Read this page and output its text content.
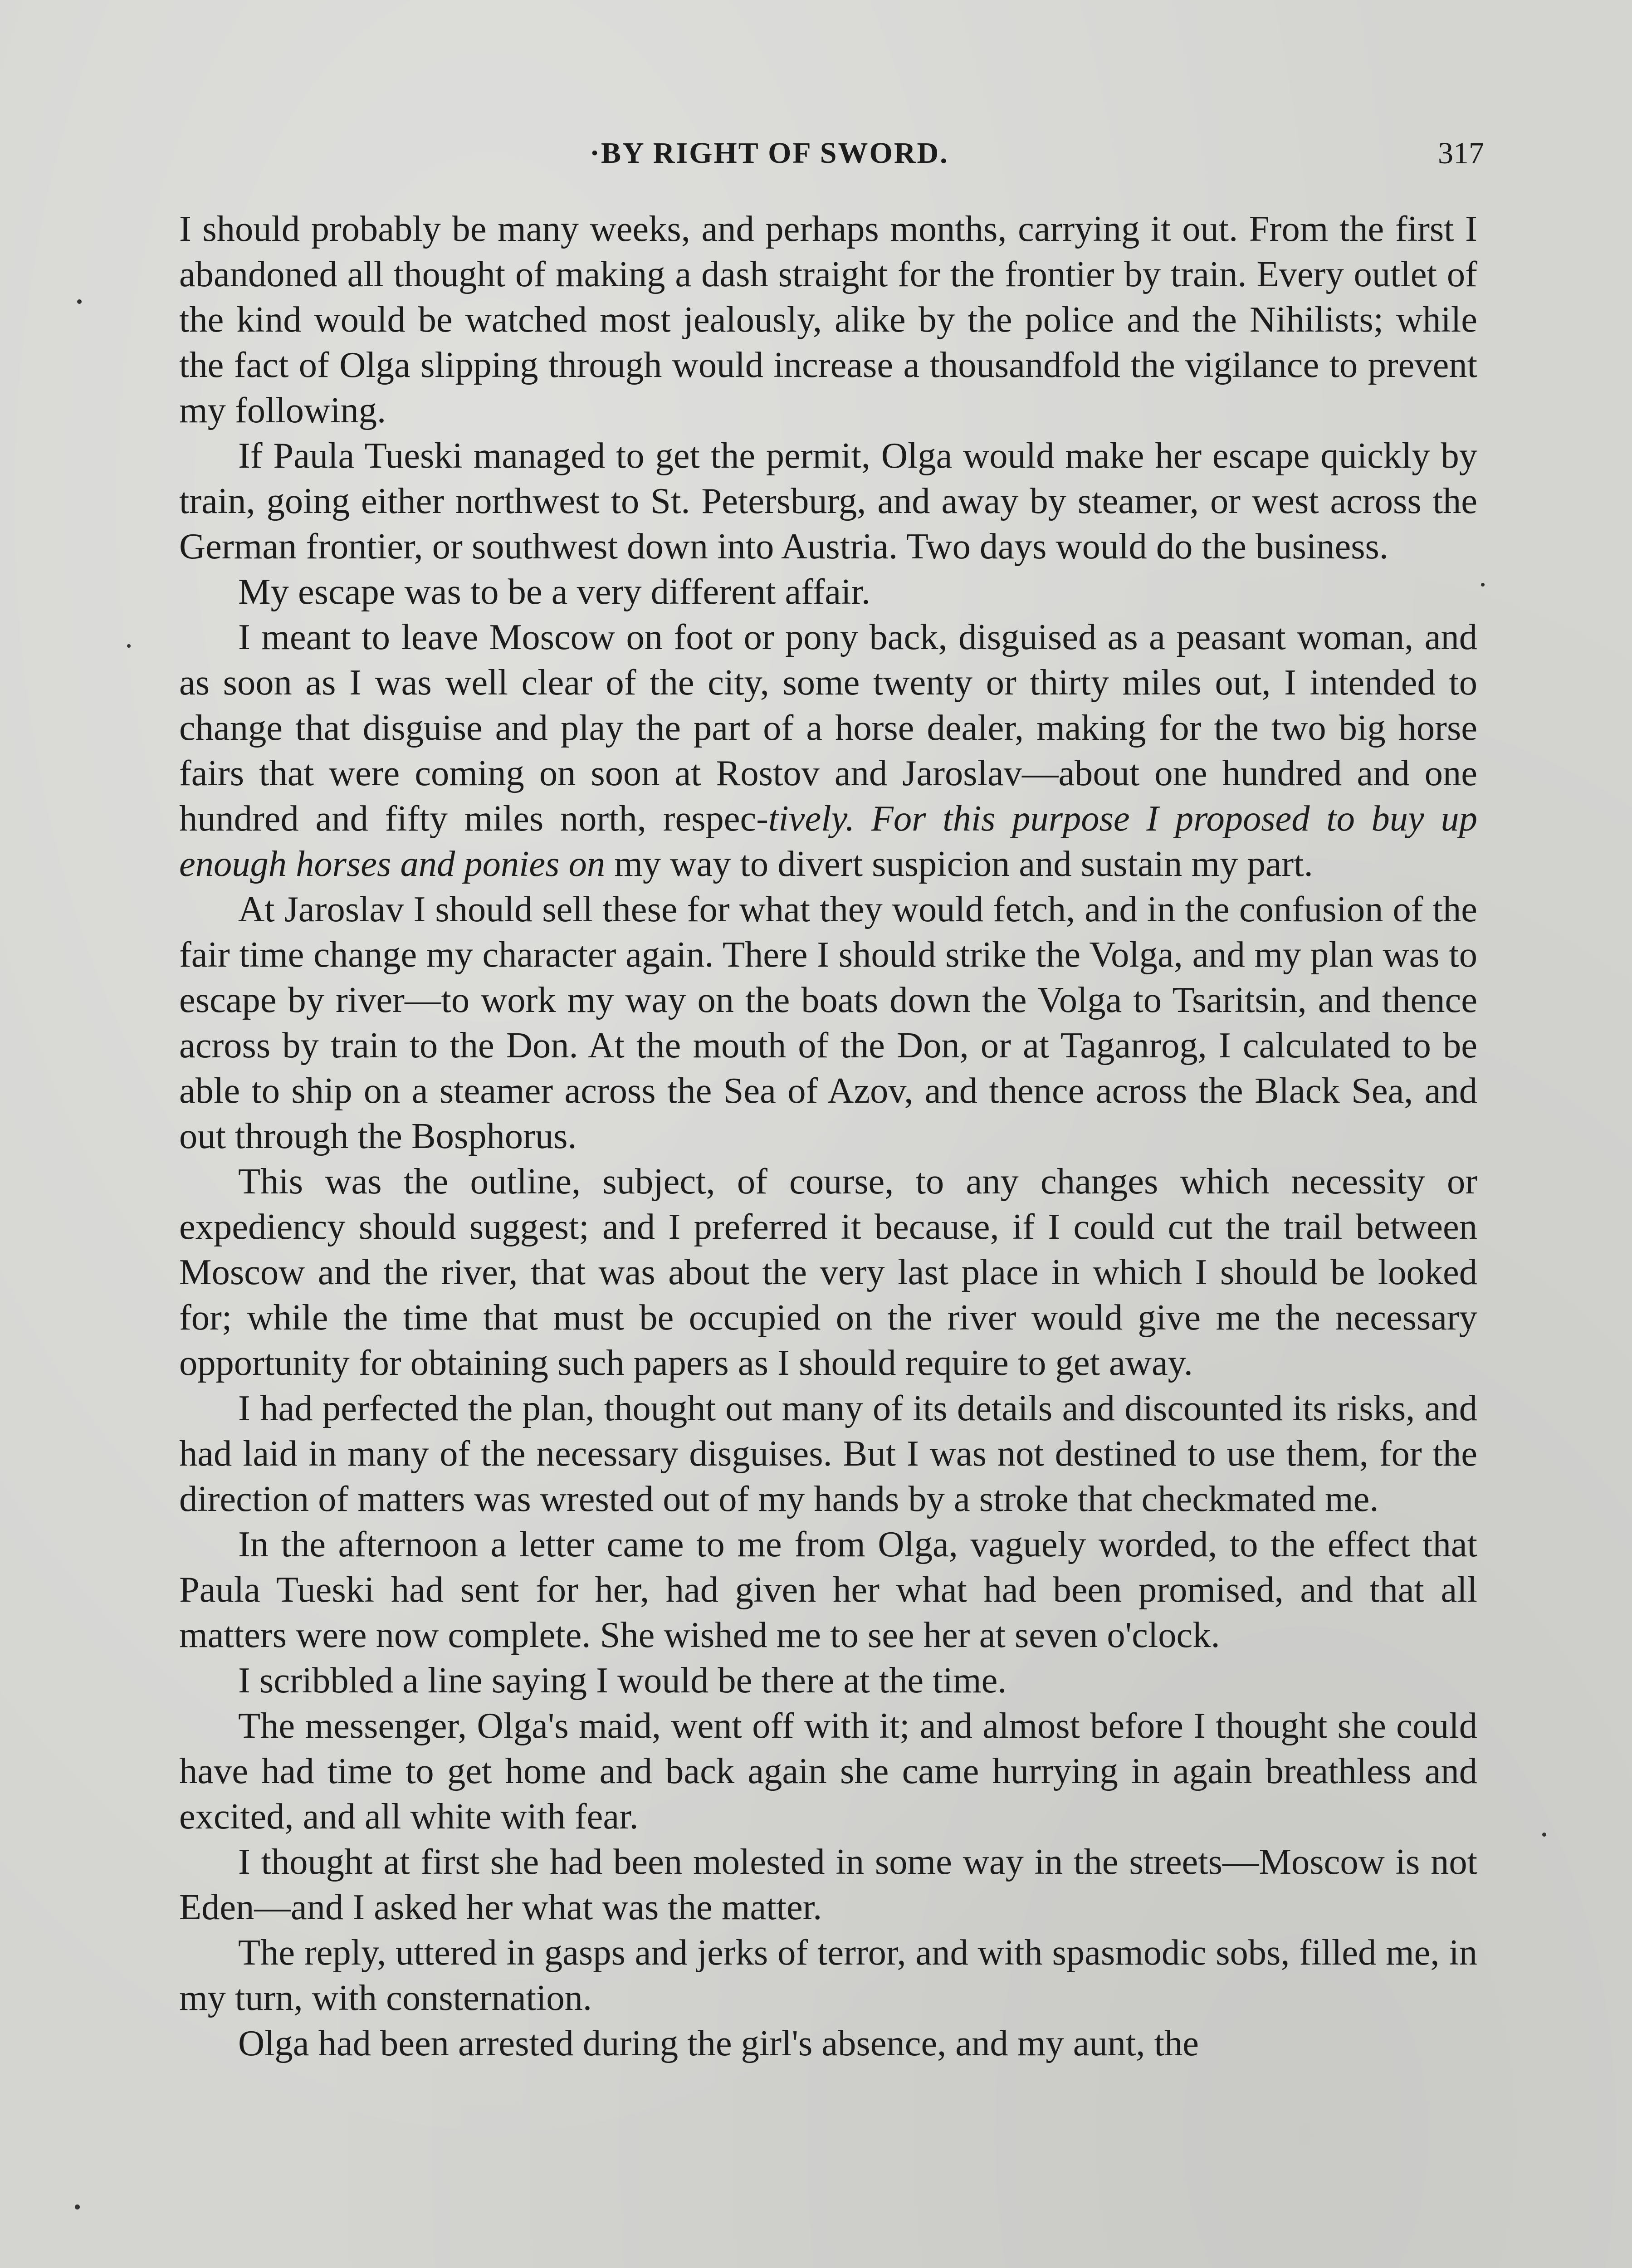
·BY RIGHT OF SWORD.	317

I should probably be many weeks, and perhaps months, carrying it out. From the first I abandoned all thought of making a dash straight for the frontier by train. Every outlet of the kind would be watched most jealously, alike by the police and the Nihilists; while the fact of Olga slipping through would increase a thousandfold the vigilance to prevent my following.

If Paula Tueski managed to get the permit, Olga would make her escape quickly by train, going either northwest to St. Petersburg, and away by steamer, or west across the German frontier, or southwest down into Austria. Two days would do the business.

My escape was to be a very different affair.

I meant to leave Moscow on foot or pony back, disguised as a peasant woman, and as soon as I was well clear of the city, some twenty or thirty miles out, I intended to change that disguise and play the part of a horse dealer, making for the two big horse fairs that were coming on soon at Rostov and Jaroslav—about one hundred and one hundred and fifty miles north, respec-tively. For this purpose I proposed to buy up enough horses and ponies on my way to divert suspicion and sustain my part.

At Jaroslav I should sell these for what they would fetch, and in the confusion of the fair time change my character again. There I should strike the Volga, and my plan was to escape by river—to work my way on the boats down the Volga to Tsaritsin, and thence across by train to the Don. At the mouth of the Don, or at Taganrog, I calculated to be able to ship on a steamer across the Sea of Azov, and thence across the Black Sea, and out through the Bosphorus.

This was the outline, subject, of course, to any changes which necessity or expediency should suggest; and I preferred it because, if I could cut the trail between Moscow and the river, that was about the very last place in which I should be looked for; while the time that must be occupied on the river would give me the necessary opportunity for obtaining such papers as I should require to get away.

I had perfected the plan, thought out many of its details and discounted its risks, and had laid in many of the necessary disguises. But I was not destined to use them, for the direction of matters was wrested out of my hands by a stroke that checkmated me.

In the afternoon a letter came to me from Olga, vaguely worded, to the effect that Paula Tueski had sent for her, had given her what had been promised, and that all matters were now complete. She wished me to see her at seven o'clock.

I scribbled a line saying I would be there at the time.

The messenger, Olga's maid, went off with it; and almost before I thought she could have had time to get home and back again she came hurrying in again breathless and excited, and all white with fear.

I thought at first she had been molested in some way in the streets—Moscow is not Eden—and I asked her what was the matter.

The reply, uttered in gasps and jerks of terror, and with spasmodic sobs, filled me, in my turn, with consternation.

Olga had been arrested during the girl's absence, and my aunt, the
